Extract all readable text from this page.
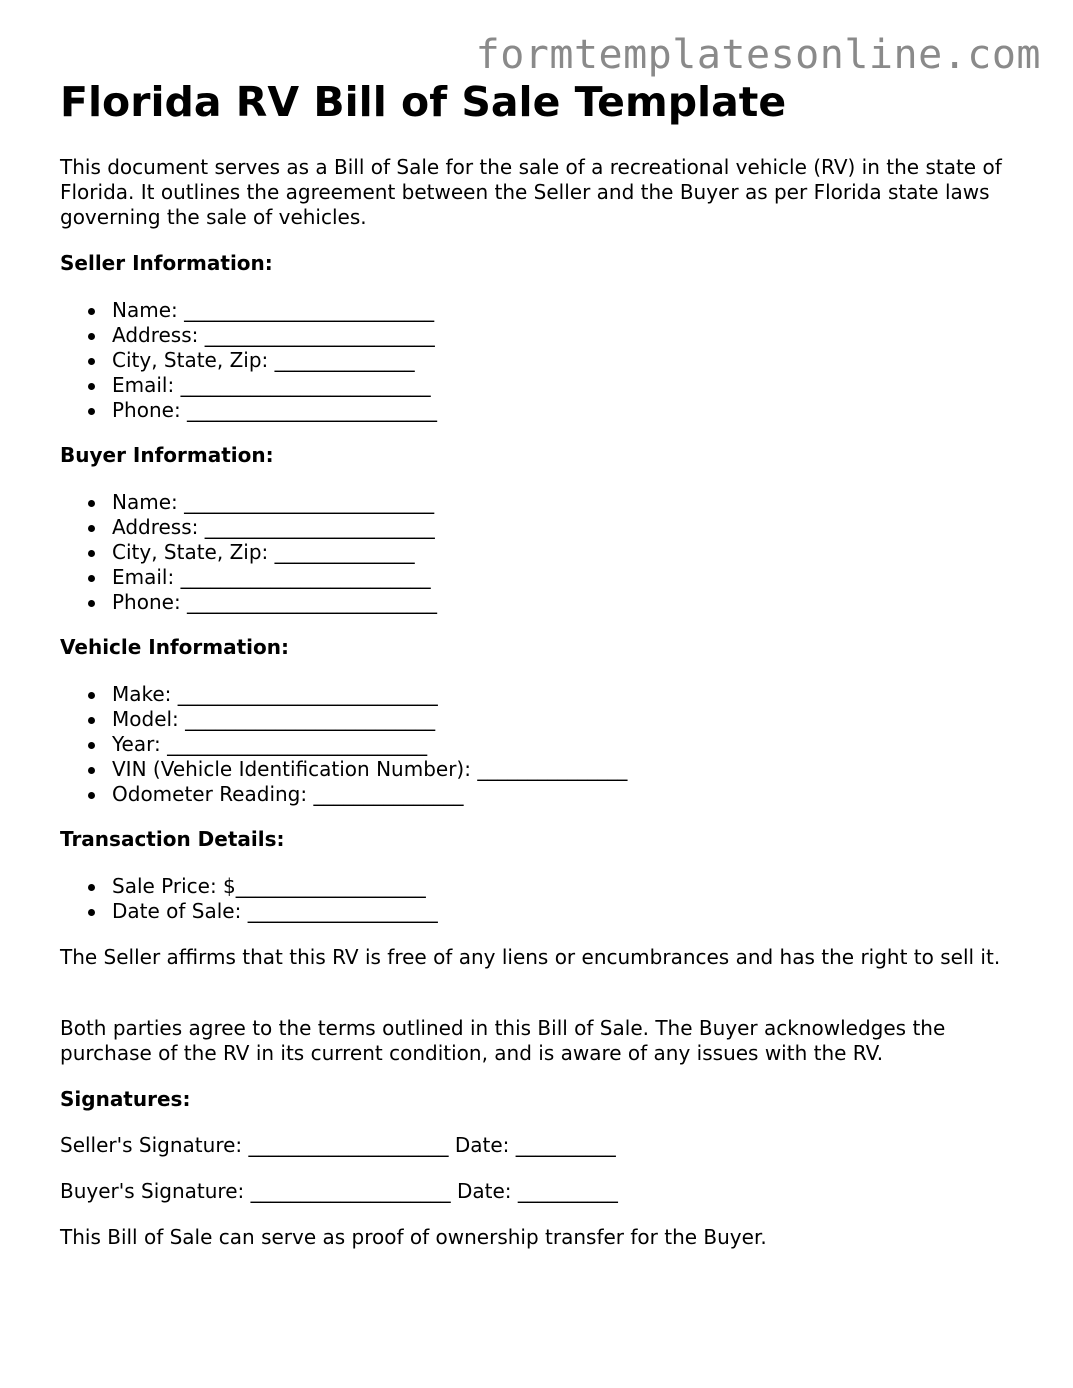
formtemplatesonline.com
Florida RV Bill of Sale Template

This document serves as a Bill of Sale for the sale of a recreational vehicle (RV) in the state of Florida. It outlines the agreement between the Seller and the Buyer as per Florida state laws governing the sale of vehicles.

Seller Information:
Name: _________________________
Address: _______________________
City, State, Zip: ______________
Email: _________________________
Phone: _________________________
Buyer Information:
Name: _________________________
Address: _______________________
City, State, Zip: ______________
Email: _________________________
Phone: _________________________
Vehicle Information:
Make: __________________________
Model: _________________________
Year: __________________________
VIN (Vehicle Identification Number): _______________
Odometer Reading: _______________
Transaction Details:
Sale Price: $___________________
Date of Sale: ___________________

The Seller affirms that this RV is free of any liens or encumbrances and has the right to sell it.

Both parties agree to the terms outlined in this Bill of Sale. The Buyer acknowledges the purchase of the RV in its current condition, and is aware of any issues with the RV.

Signatures:
Seller's Signature: ____________________ Date: __________
Buyer's Signature: ____________________ Date: __________

This Bill of Sale can serve as proof of ownership transfer for the Buyer.
